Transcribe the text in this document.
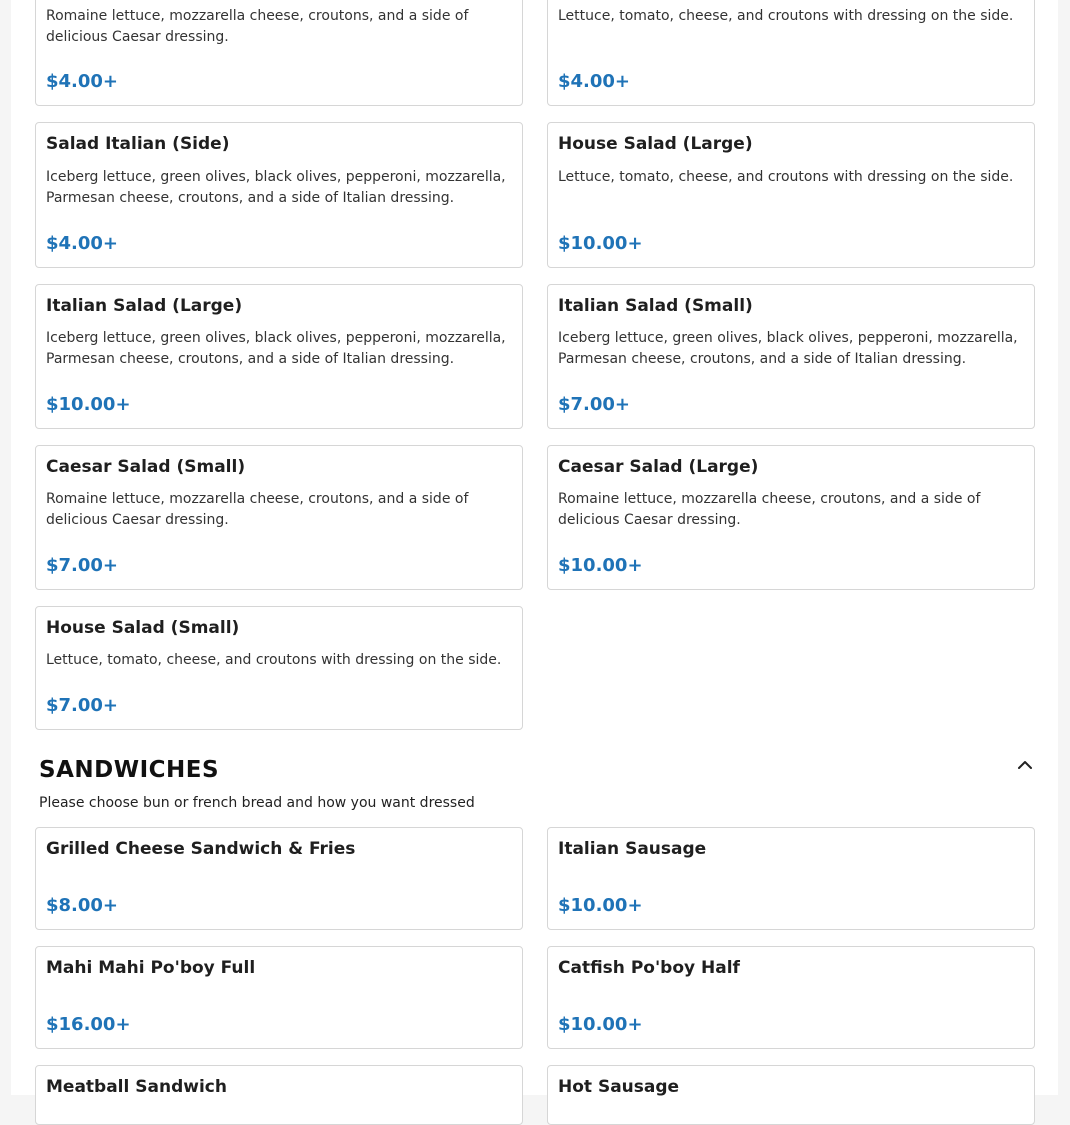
Romaine lettuce, mozzarella cheese, croutons, and a side of delicious Caesar dressing.
$4.00+
Lettuce, tomato, cheese, and croutons with dressing on the side.
$4.00+
Salad Italian (Side)
Iceberg lettuce, green olives, black olives, pepperoni, mozzarella, Parmesan cheese, croutons, and a side of Italian dressing.
$4.00+
House Salad (Large)
Lettuce, tomato, cheese, and croutons with dressing on the side.
$10.00+
Italian Salad (Large)
Iceberg lettuce, green olives, black olives, pepperoni, mozzarella, Parmesan cheese, croutons, and a side of Italian dressing.
$10.00+
Italian Salad (Small)
Iceberg lettuce, green olives, black olives, pepperoni, mozzarella, Parmesan cheese, croutons, and a side of Italian dressing.
$7.00+
Caesar Salad (Small)
Romaine lettuce, mozzarella cheese, croutons, and a side of delicious Caesar dressing.
$7.00+
Caesar Salad (Large)
Romaine lettuce, mozzarella cheese, croutons, and a side of delicious Caesar dressing.
$10.00+
House Salad (Small)
Lettuce, tomato, cheese, and croutons with dressing on the side.
$7.00+
SANDWICHES
Please choose bun or french bread and how you want dressed
Grilled Cheese Sandwich & Fries
$8.00+
Italian Sausage
$10.00+
Mahi Mahi Po'boy Full
$16.00+
Catfish Po'boy Half
$10.00+
Meatball Sandwich	Hot Sausage
